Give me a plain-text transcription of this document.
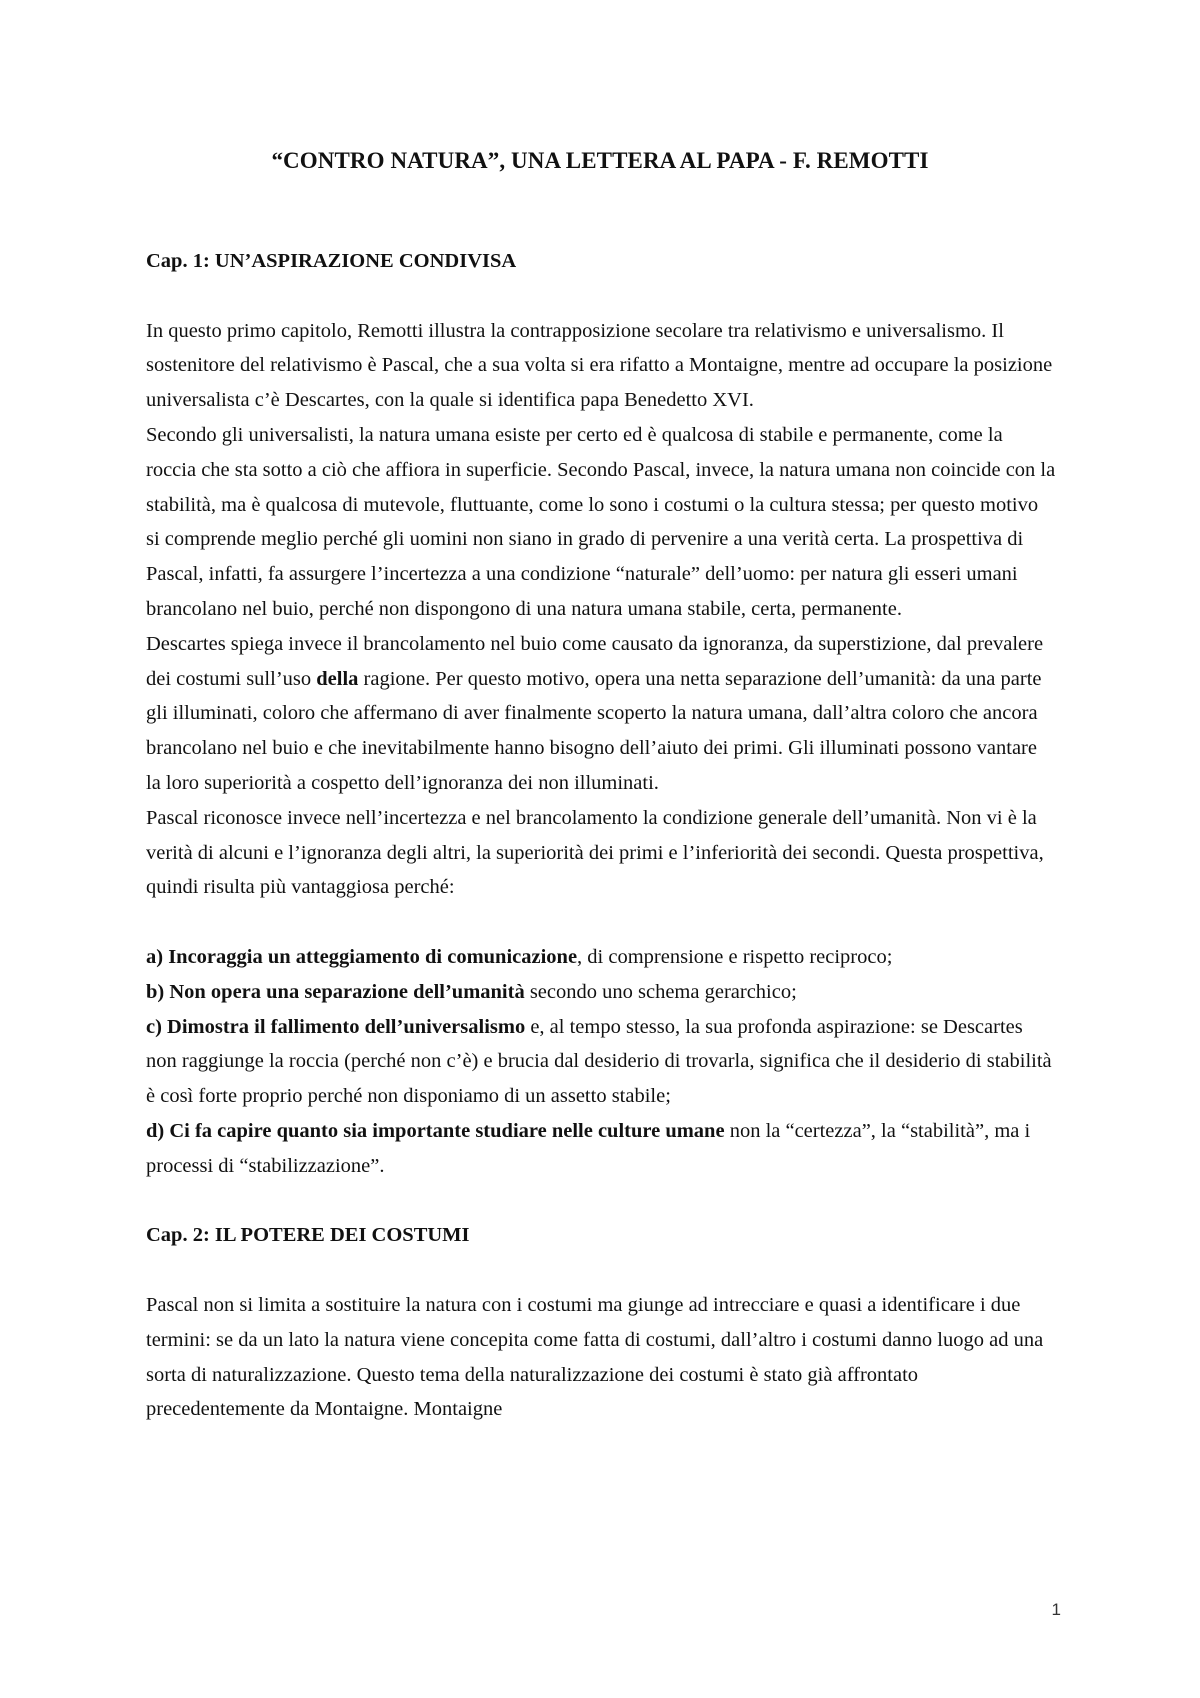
“CONTRO NATURA”, UNA LETTERA AL PAPA - F. REMOTTI

Cap. 1: UN’ASPIRAZIONE CONDIVISA

In questo primo capitolo, Remotti illustra la contrapposizione secolare tra relativismo e universalismo. Il sostenitore del relativismo è Pascal, che a sua volta si era rifatto a Montaigne, mentre ad occupare la posizione universalista c’è Descartes, con la quale si identifica papa Benedetto XVI.

Secondo gli universalisti, la natura umana esiste per certo ed è qualcosa di stabile e permanente, come la roccia che sta sotto a ciò che affiora in superficie. Secondo Pascal, invece, la natura umana non coincide con la stabilità, ma è qualcosa di mutevole, fluttuante, come lo sono i costumi o la cultura stessa; per questo motivo si comprende meglio perché gli uomini non siano in grado di pervenire a una verità certa. La prospettiva di Pascal, infatti, fa assurgere l’incertezza a una condizione “naturale” dell’uomo: per natura gli esseri umani brancolano nel buio, perché non dispongono di una natura umana stabile, certa, permanente.

Descartes spiega invece il brancolamento nel buio come causato da ignoranza, da superstizione, dal prevalere dei costumi sull’uso della ragione. Per questo motivo, opera una netta separazione dell’umanità: da una parte gli illuminati, coloro che affermano di aver finalmente scoperto la natura umana, dall’altra coloro che ancora brancolano nel buio e che inevitabilmente hanno bisogno dell’aiuto dei primi. Gli illuminati possono vantare la loro superiorità a cospetto dell’ignoranza dei non illuminati.

Pascal riconosce invece nell’incertezza e nel brancolamento la condizione generale dell’umanità. Non vi è la verità di alcuni e l’ignoranza degli altri, la superiorità dei primi e l’inferiorità dei secondi. Questa prospettiva, quindi risulta più vantaggiosa perché:

a) Incoraggia un atteggiamento di comunicazione, di comprensione e rispetto reciproco;

b) Non opera una separazione dell’umanità secondo uno schema gerarchico;

c) Dimostra il fallimento dell’universalismo e, al tempo stesso, la sua profonda aspirazione: se Descartes non raggiunge la roccia (perché non c’è) e brucia dal desiderio di trovarla, significa che il desiderio di stabilità è così forte proprio perché non disponiamo di un assetto stabile;

d) Ci fa capire quanto sia importante studiare nelle culture umane non la “certezza”, la “stabilità”, ma i processi di “stabilizzazione”.

Cap. 2: IL POTERE DEI COSTUMI

Pascal non si limita a sostituire la natura con i costumi ma giunge ad intrecciare e quasi a identificare i due termini: se da un lato la natura viene concepita come fatta di costumi, dall’altro i costumi danno luogo ad una sorta di naturalizzazione. Questo tema della naturalizzazione dei costumi è stato già affrontato precedentemente da Montaigne. Montaigne

1
